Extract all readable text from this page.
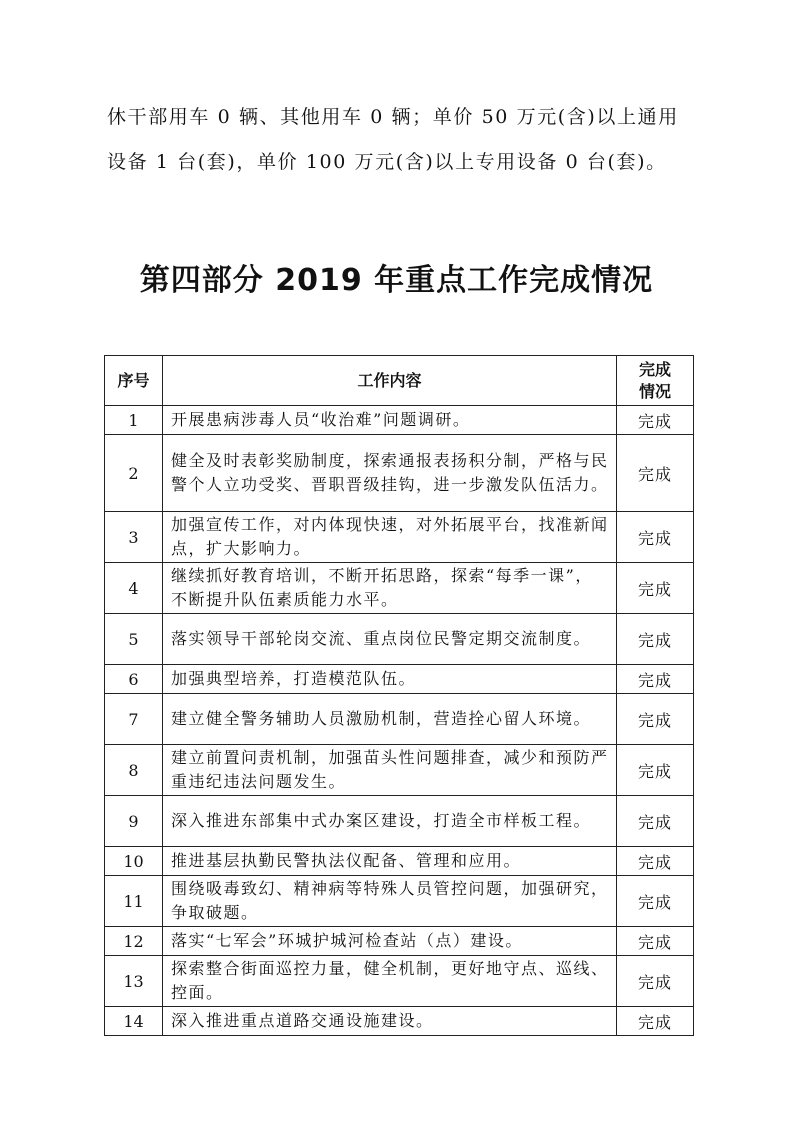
休干部用车 0 辆、其他用车 0 辆；单价 50 万元(含)以上通用
设备 1 台(套)，单价 100 万元(含)以上专用设备 0 台(套)。
第四部分 2019 年重点工作完成情况
序号	工作内容	完成
情况

1	开展患病涉毒人员“收治难”问题调研。	完成
2	健全及时表彰奖励制度，探索通报表扬积分制，严格与民警个人立功受奖、晋职晋级挂钩，进一步激发队伍活力。	完成
3	加强宣传工作，对内体现快速，对外拓展平台，找准新闻点，扩大影响力。	完成
4	继续抓好教育培训，不断开拓思路，探索“每季一课”，不断提升队伍素质能力水平。	完成
5	落实领导干部轮岗交流、重点岗位民警定期交流制度。	完成
6	加强典型培养，打造模范队伍。	完成
7	建立健全警务辅助人员激励机制，营造拴心留人环境。	完成
8	建立前置问责机制，加强苗头性问题排查，减少和预防严重违纪违法问题发生。	完成
9	深入推进东部集中式办案区建设，打造全市样板工程。	完成
10	推进基层执勤民警执法仪配备、管理和应用。	完成
11	围绕吸毒致幻、精神病等特殊人员管控问题，加强研究，争取破题。	完成
12	落实“七军会”环城护城河检查站（点）建设。	完成
13	探索整合街面巡控力量，健全机制，更好地守点、巡线、控面。	完成
14	深入推进重点道路交通设施建设。	完成
